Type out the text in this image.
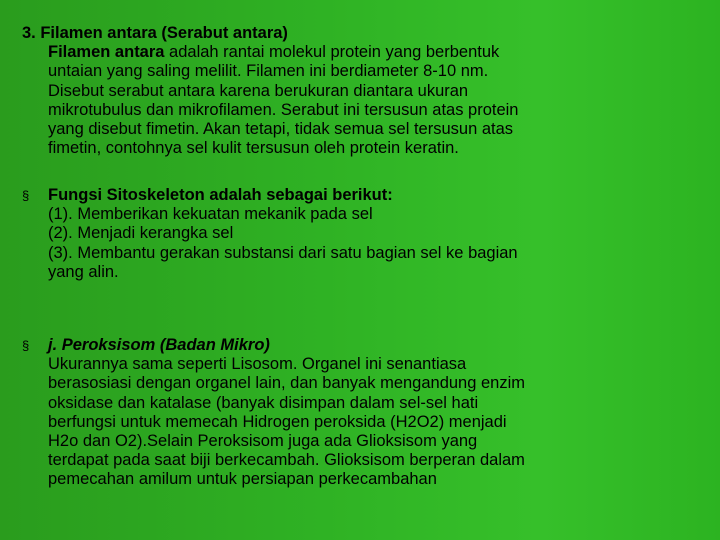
3. Filamen antara (Serabut antara)
Filamen antara adalah rantai molekul protein yang berbentuk
untaian yang saling melilit. Filamen ini berdiameter 8-10 nm.
Disebut serabut antara karena berukuran diantara ukuran
mikrotubulus dan mikrofilamen. Serabut ini tersusun atas protein
yang disebut fimetin. Akan tetapi, tidak semua sel tersusun atas
fimetin, contohnya sel kulit tersusun oleh protein keratin.
§ Fungsi Sitoskeleton adalah sebagai berikut:
(1). Memberikan kekuatan mekanik pada sel
(2). Menjadi kerangka sel
(3). Membantu gerakan substansi dari satu bagian sel ke bagian
yang alin.
§ j. Peroksisom (Badan Mikro)
Ukurannya sama seperti Lisosom. Organel ini senantiasa
berasosiasi dengan organel lain, dan banyak mengandung enzim
oksidase dan katalase (banyak disimpan dalam sel-sel hati
berfungsi untuk memecah Hidrogen peroksida (H2O2) menjadi
H2o dan O2).Selain Peroksisom juga ada Glioksisom yang
terdapat pada saat biji berkecambah. Glioksisom berperan dalam
pemecahan amilum untuk persiapan perkecambahan
